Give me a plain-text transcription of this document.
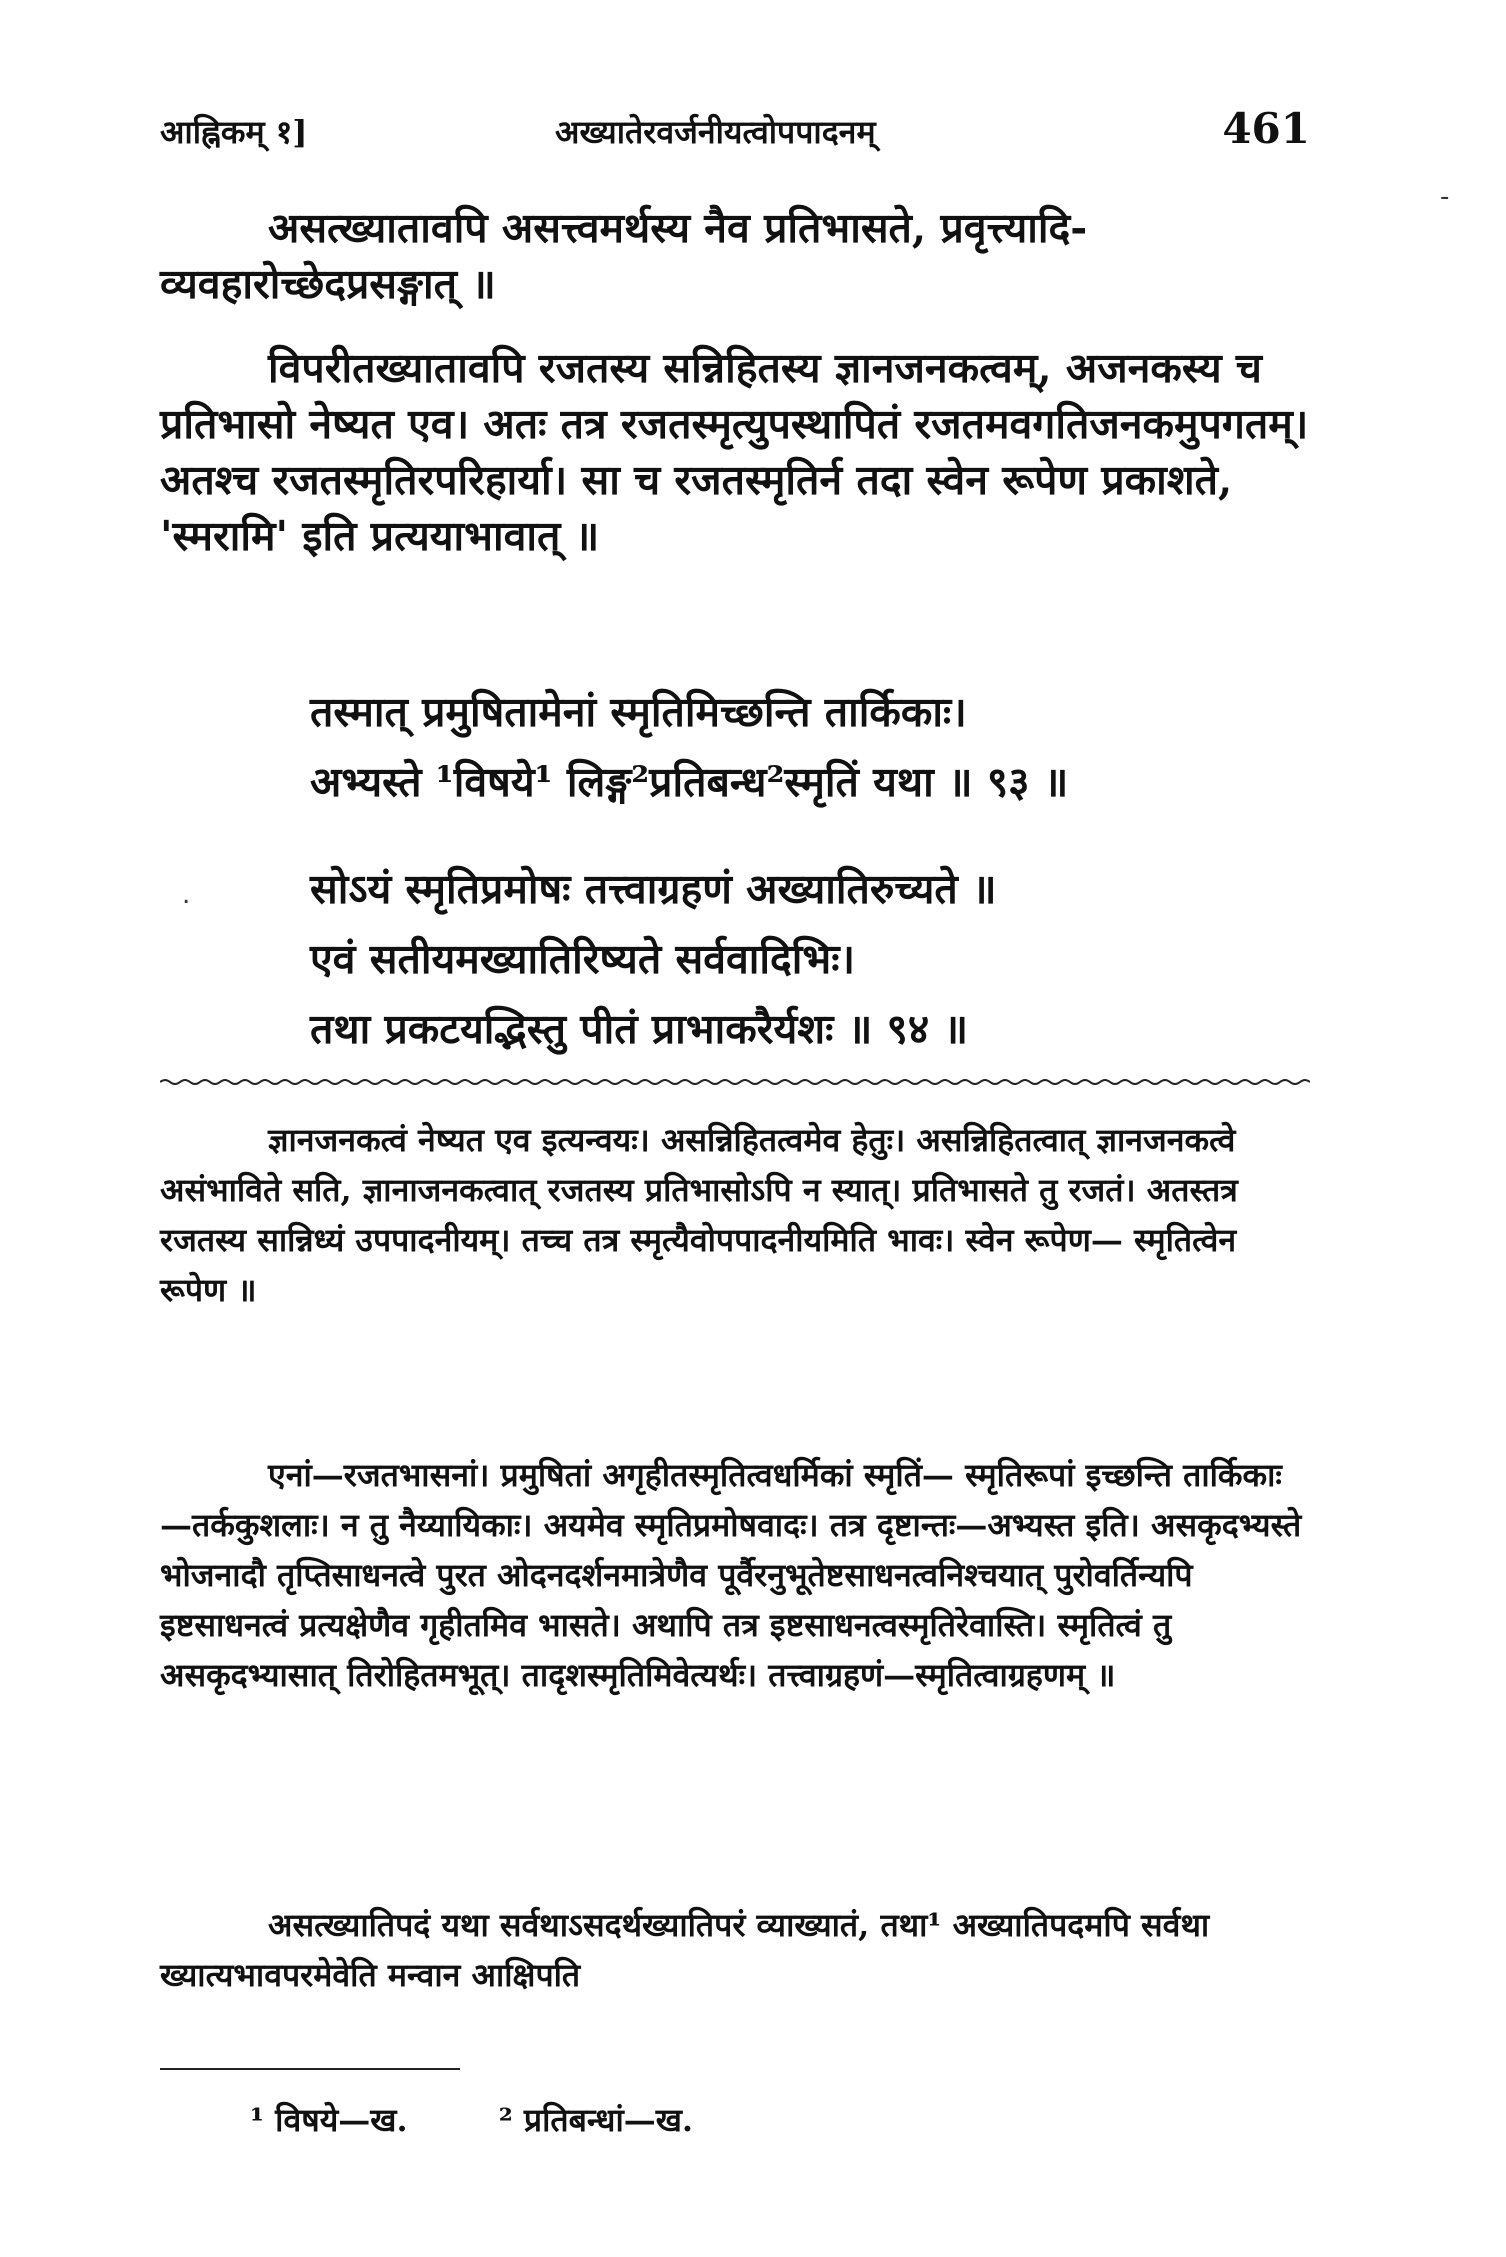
आह्निकम् १]	अख्यातेरवर्जनीयत्वोपपादनम्	461
असत्ख्यातावपि असत्त्वमर्थस्य नैव प्रतिभासते, प्रवृत्त्यादि-व्यवहारोच्छेदप्रसङ्गात् ॥
विपरीतख्यातावपि रजतस्य सन्निहितस्य ज्ञानजनकत्वम्, अजनकस्य च प्रतिभासो नेष्यत एव। अतः तत्र रजतस्मृत्युपस्थापितं रजतमवगतिजनकमुपगतम्। अतश्च रजतस्मृतिरपरिहार्या। सा च रजतस्मृतिर्न तदा स्वेन रूपेण प्रकाशते, 'स्मरामि' इति प्रत्ययाभावात् ॥
तस्मात् प्रमुषितामेनां स्मृतिमिच्छन्ति तार्किकाः।
अभ्यस्ते ¹विषये¹ लिङ्ग²प्रतिबन्ध²स्मृतिं यथा ॥ ९३ ॥
सोऽयं स्मृतिप्रमोषः तत्त्वाग्रहणं अख्यातिरुच्यते ॥
एवं सतीयमख्यातिरिष्यते सर्ववादिभिः।
तथा प्रकटयद्भिस्तु पीतं प्राभाकरैर्यशः ॥ ९४ ॥
ज्ञानजनकत्वं नेष्यत एव इत्यन्वयः। असन्निहितत्वमेव हेतुः। असन्निहितत्वात् ज्ञानजनकत्वे असंभाविते सति, ज्ञानाजनकत्वात् रजतस्य प्रतिभासोऽपि न स्यात्। प्रतिभासते तु रजतं। अतस्तत्र रजतस्य सान्निध्यं उपपादनीयम्। तच्च तत्र स्मृत्यैवोपपादनीयमिति भावः। स्वेन रूपेण— स्मृतित्वेन रूपेण ॥
एनां—रजतभासनां। प्रमुषितां अगृहीतस्मृतित्वधर्मिकां स्मृतिं— स्मृतिरूपां इच्छन्ति तार्किकाः—तर्ककुशलाः। न तु नैय्यायिकाः। अयमेव स्मृतिप्रमोषवादः। तत्र दृष्टान्तः—अभ्यस्त इति। असकृदभ्यस्ते भोजनादौ तृप्तिसाधनत्वे पुरत ओदनदर्शनमात्रेणैव पूर्वैरनुभूतेष्टसाधनत्वनिश्चयात् पुरोवर्तिन्यपि इष्टसाधनत्वं प्रत्यक्षेणैव गृहीतमिव भासते। अथापि तत्र इष्टसाधनत्वस्मृतिरेवास्ति। स्मृतित्वं तु असकृदभ्यासात् तिरोहितमभूत्। तादृशस्मृतिमिवेत्यर्थः। तत्त्वाग्रहणं—स्मृतित्वाग्रहणम् ॥
असत्ख्यातिपदं यथा सर्वथाऽसदर्थख्यातिपरं व्याख्यातं, तथा¹ अख्यातिपदमपि सर्वथा ख्यात्यभावपरमेवेति मन्वान आक्षिपति
¹ विषये—ख.	² प्रतिबन्धां—ख.
-
.
